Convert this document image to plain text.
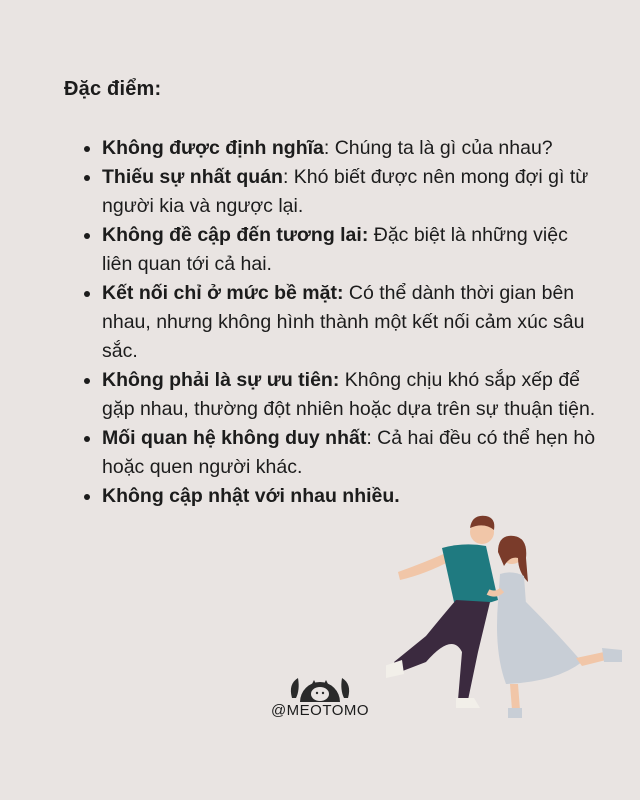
Đặc điểm:
Không được định nghĩa: Chúng ta là gì của nhau?
Thiếu sự nhất quán: Khó biết được nên mong đợi gì từ người kia và ngược lại.
Không đề cập đến tương lai: Đặc biệt là những việc liên quan tới cả hai.
Kết nối chỉ ở mức bề mặt: Có thể dành thời gian bên nhau, nhưng không hình thành một kết nối cảm xúc sâu sắc.
Không phải là sự ưu tiên: Không chịu khó sắp xếp để gặp nhau, thường đột nhiên hoặc dựa trên sự thuận tiện.
Mối quan hệ không duy nhất: Cả hai đều có thể hẹn hò hoặc quen người khác.
Không cập nhật với nhau nhiều.
@MEOTOMO
